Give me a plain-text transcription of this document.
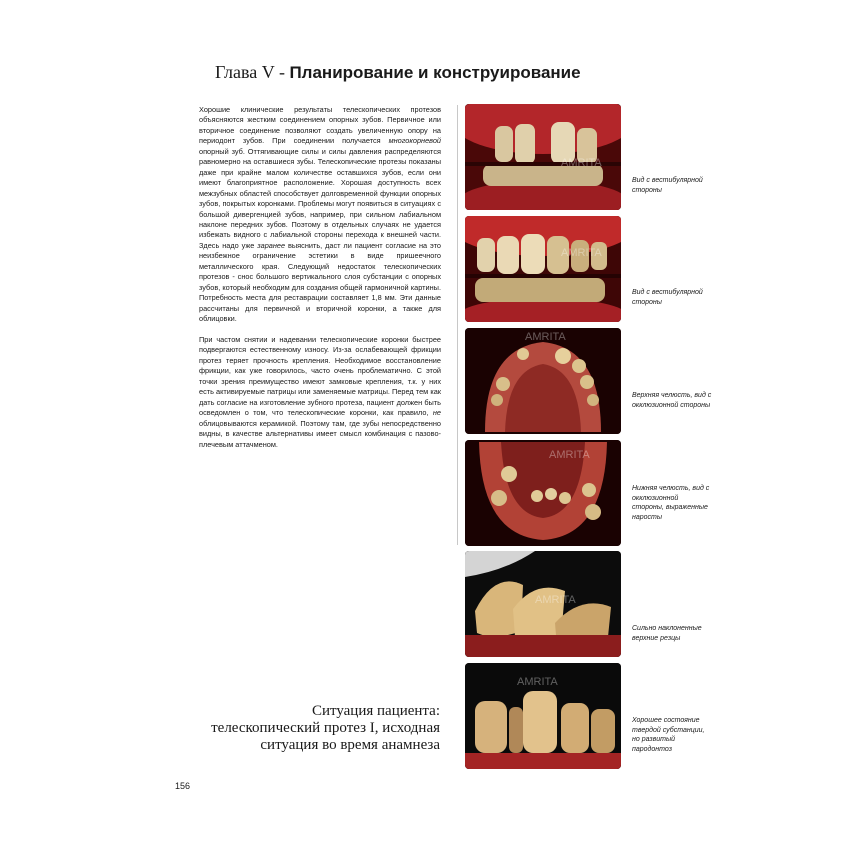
Глава V - Планирование и конструирование

Хорошие клинические результаты телескопических протезов объясняются жестким соединением опорных зубов. Первичное или вторичное соединение позволяют создать увеличенную опору на периодонт зубов. При соединении получается многокорневой опорный зуб. Оттягивающие силы и силы давления распределяются равномерно на оставшиеся зубы. Телескопические протезы показаны даже при крайне малом количестве оставшихся зубов, если они имеют благоприятное расположение. Хорошая доступность всех межзубных областей способствует долговременной функции опорных зубов, покрытых коронками. Проблемы могут появиться в ситуациях с большой дивергенцией зубов, например, при сильном лабиальном наклоне передних зубов. Поэтому в отдельных случаях не удается избежать видного с лабиальной стороны перехода к внешней части. Здесь надо уже заранее выяснить, даст ли пациент согласие на это неизбежное ограничение эстетики в виде пришеечного металлического края. Следующий недостаток телескопических протезов - снос большого вертикального слоя субстанции с опорных зубов, который необходим для создания общей гармоничной картины. Потребность места для реставрации составляет 1,8 мм. Эти данные рассчитаны для первичной и вторичной коронки, а также для облицовки.

При частом снятии и надевании телескопические коронки быстрее подвергаются естественному износу. Из-за ослабевающей фрикции протез теряет прочность крепления. Необходимое восстановление фрикции, как уже говорилось, часто очень проблематично. С этой точки зрения преимущество имеют замковые крепления, т.к. у них есть активируемые патрицы или заменяемые матрицы. Перед тем как дать согласие на изготовление зубного протеза, пациент должен быть осведомлен о том, что телескопические коронки, как правило, не облицовываются керамикой. Поэтому там, где зубы непосредственно видны, в качестве альтернативы имеет смысл комбинация с пазово-плечевым аттачменом.

AMRITA
Вид с вестибулярной стороны
AMRITA
Вид с вестибулярной стороны
AMRITA
Верхняя челюсть, вид с окклюзионной стороны
AMRITA
Нижняя челюсть, вид с окклюзионной стороны, выраженные наросты
AMRITA
Сильно наклоненные верхние резцы
AMRITA
Хорошее состояние твердой субстанции, но развитый пародонтоз
Ситуация пациента:
телескопический протез I, исходная
ситуация во время анамнеза
156
